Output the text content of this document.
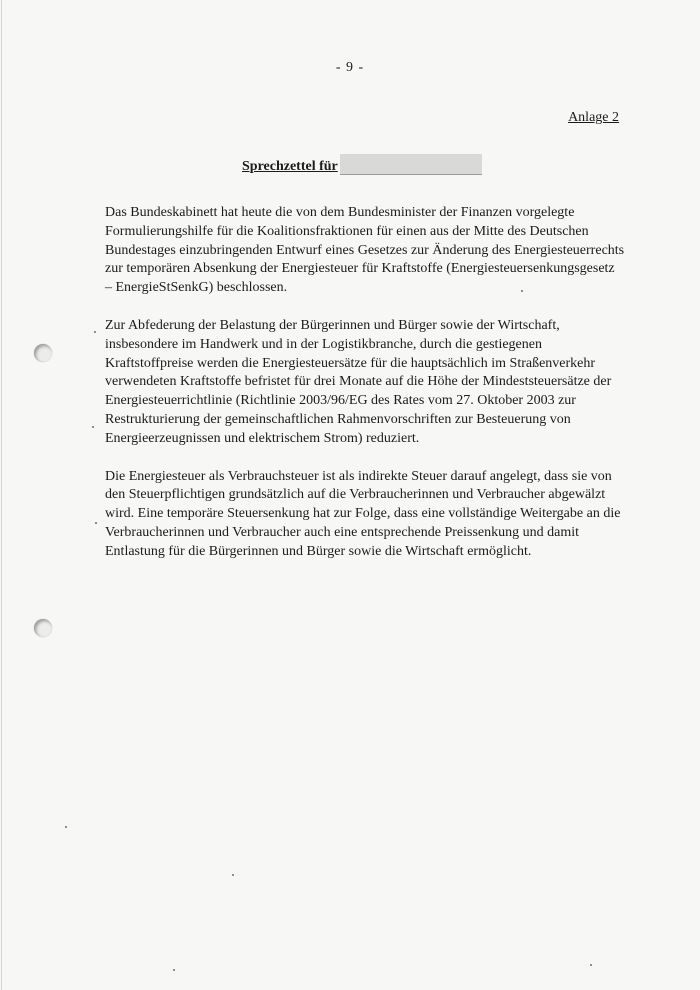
- 9 -
Anlage 2
Sprechzettel für

Das Bundeskabinett hat heute die von dem Bundesminister der Finanzen vorgelegte Formulierungshilfe für die Koalitionsfraktionen für einen aus der Mitte des Deutschen Bundestages einzubringenden Entwurf eines Gesetzes zur Änderung des Energiesteuerrechts zur temporären Absenkung der Energiesteuer für Kraftstoffe (Energiesteuersenkungsgesetz – EnergieStSenkG) beschlossen.

Zur Abfederung der Belastung der Bürgerinnen und Bürger sowie der Wirtschaft, insbesondere im Handwerk und in der Logistikbranche, durch die gestiegenen Kraftstoffpreise werden die Energiesteuersätze für die hauptsächlich im Straßenverkehr verwendeten Kraftstoffe befristet für drei Monate auf die Höhe der Mindeststeuersätze der Energiesteuerrichtlinie (Richtlinie 2003/96/EG des Rates vom 27. Oktober 2003 zur Restrukturierung der gemeinschaftlichen Rahmenvorschriften zur Besteuerung von Energieerzeugnissen und elektrischem Strom) reduziert.

Die Energiesteuer als Verbrauchsteuer ist als indirekte Steuer darauf angelegt, dass sie von den Steuerpflichtigen grundsätzlich auf die Verbraucherinnen und Verbraucher abgewälzt wird. Eine temporäre Steuersenkung hat zur Folge, dass eine vollständige Weitergabe an die Verbraucherinnen und Verbraucher auch eine entsprechende Preissenkung und damit Entlastung für die Bürgerinnen und Bürger sowie die Wirtschaft ermöglicht.
